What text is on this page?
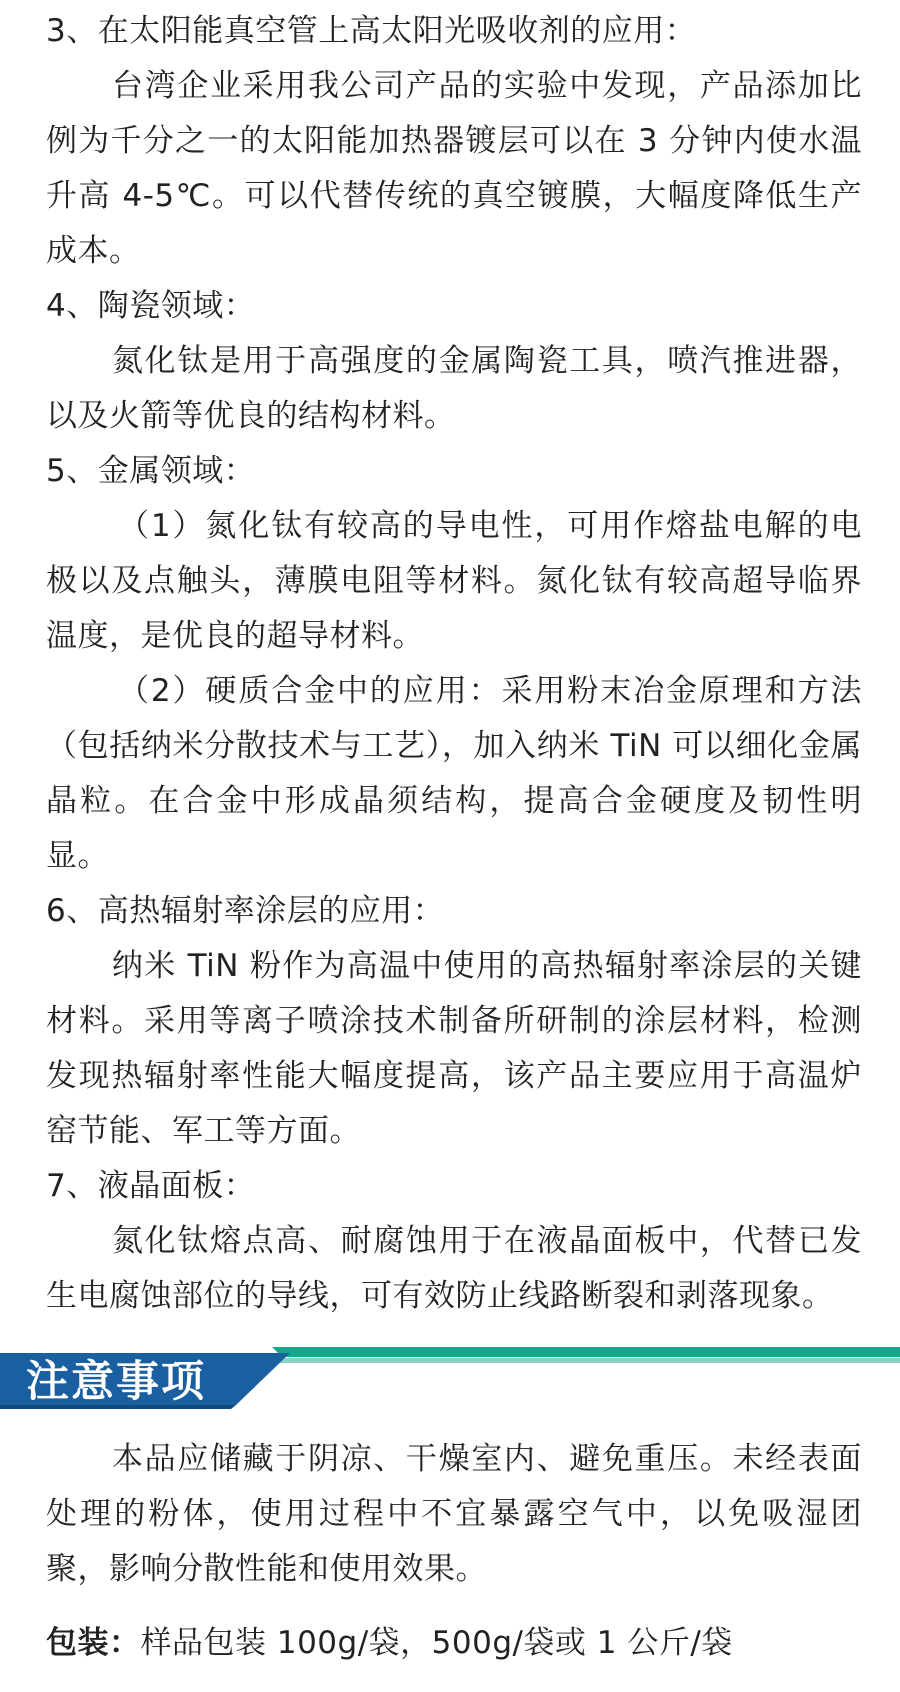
3、在太阳能真空管上高太阳光吸收剂的应用：

台湾企业采用我公司产品的实验中发现，产品添加比例为千分之一的太阳能加热器镀层可以在 3 分钟内使水温升高 4-5℃。可以代替传统的真空镀膜，大幅度降低生产成本。

4、陶瓷领域：

氮化钛是用于高强度的金属陶瓷工具，喷汽推进器，以及火箭等优良的结构材料。

5、金属领域：

（1）氮化钛有较高的导电性，可用作熔盐电解的电极以及点触头，薄膜电阻等材料。氮化钛有较高超导临界温度，是优良的超导材料。

（2）硬质合金中的应用：采用粉末冶金原理和方法（包括纳米分散技术与工艺），加入纳米 TiN 可以细化金属晶粒。在合金中形成晶须结构，提高合金硬度及韧性明显。

6、高热辐射率涂层的应用：

纳米 TiN 粉作为高温中使用的高热辐射率涂层的关键材料。采用等离子喷涂技术制备所研制的涂层材料，检测发现热辐射率性能大幅度提高，该产品主要应用于高温炉窑节能、军工等方面。

7、液晶面板：

氮化钛熔点高、耐腐蚀用于在液晶面板中，代替已发生电腐蚀部位的导线，可有效防止线路断裂和剥落现象。

注意事项

本品应储藏于阴凉、干燥室内、避免重压。未经表面处理的粉体，使用过程中不宜暴露空气中，以免吸湿团聚，影响分散性能和使用效果。

包装：样品包装 100g/袋，500g/袋或 1 公斤/袋
